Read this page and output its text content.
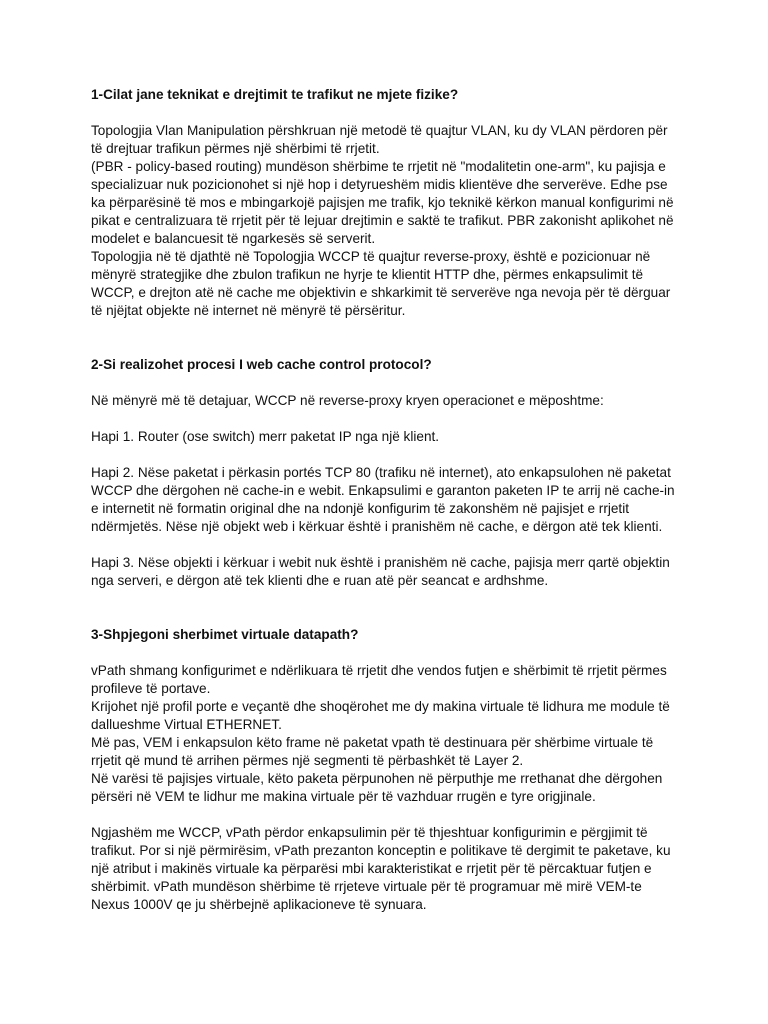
1-Cilat jane teknikat e drejtimit te trafikut ne mjete fizike?

Topologjia Vlan Manipulation përshkruan një metodë të quajtur VLAN, ku dy VLAN përdoren për të drejtuar trafikun përmes një shërbimi të rrjetit.

(PBR - policy-based routing) mundëson shërbime te rrjetit në "modalitetin one-arm", ku pajisja e specializuar nuk pozicionohet si një hop i detyrueshëm midis klientëve dhe serverëve. Edhe pse ka përparësinë të mos e mbingarkojë pajisjen me trafik, kjo teknikë kërkon manual konfigurimi në pikat e centralizuara të rrjetit për të lejuar drejtimin e saktë te trafikut. PBR zakonisht aplikohet në modelet e balancuesit të ngarkesës së serverit.

Topologjia në të djathtë në Topologjia WCCP të quajtur reverse-proxy, është e pozicionuar në mënyrë strategjike dhe zbulon trafikun ne hyrje te klientit HTTP dhe, përmes enkapsulimit të WCCP, e drejton atë në cache me objektivin e shkarkimit të serverëve nga nevoja për të dërguar të njëjtat objekte në internet në mënyrë të përsëritur.

2-Si realizohet procesi I web cache control protocol?

Në mënyrë më të detajuar, WCCP në reverse-proxy kryen operacionet e mëposhtme:

Hapi 1. Router (ose switch) merr paketat IP nga një klient.

Hapi 2. Nëse paketat i përkasin portés TCP 80 (trafiku në internet), ato enkapsulohen në paketat WCCP dhe dërgohen në cache-in e webit. Enkapsulimi e garanton paketen IP te arrij në cache-in e internetit në formatin original dhe na ndonjë konfigurim të zakonshëm në pajisjet e rrjetit ndërmjetës. Nëse një objekt web i kërkuar është i pranishëm në cache, e dërgon atë tek klienti.

Hapi 3. Nëse objekti i kërkuar i webit nuk është i pranishëm në cache, pajisja merr qartë objektin nga serveri, e dërgon atë tek klienti dhe e ruan atë për seancat e ardhshme.

3-Shpjegoni sherbimet virtuale datapath?

vPath shmang konfigurimet e ndërlikuara të rrjetit dhe vendos futjen e shërbimit të rrjetit përmes profileve të portave.

Krijohet një profil porte e veçantë dhe shoqërohet me dy makina virtuale të lidhura me module të dallueshme Virtual ETHERNET.

Më pas, VEM i enkapsulon këto frame në paketat vpath të destinuara për shërbime virtuale të rrjetit që mund të arrihen përmes një segmenti të përbashkët të Layer 2.

Në varësi të pajisjes virtuale, këto paketa përpunohen në përputhje me rrethanat dhe dërgohen përsëri në VEM te lidhur me makina virtuale për të vazhduar rrugën e tyre origjinale.

Ngjashëm me WCCP, vPath përdor enkapsulimin për të thjeshtuar konfigurimin e përgjimit të trafikut. Por si një përmirësim, vPath prezanton konceptin e politikave të dergimit te paketave, ku një atribut i makinës virtuale ka përparësi mbi karakteristikat e rrjetit për të përcaktuar futjen e shërbimit. vPath mundëson shërbime të rrjeteve virtuale për të programuar më mirë VEM-te Nexus 1000V qe ju shërbejnë aplikacioneve të synuara.
